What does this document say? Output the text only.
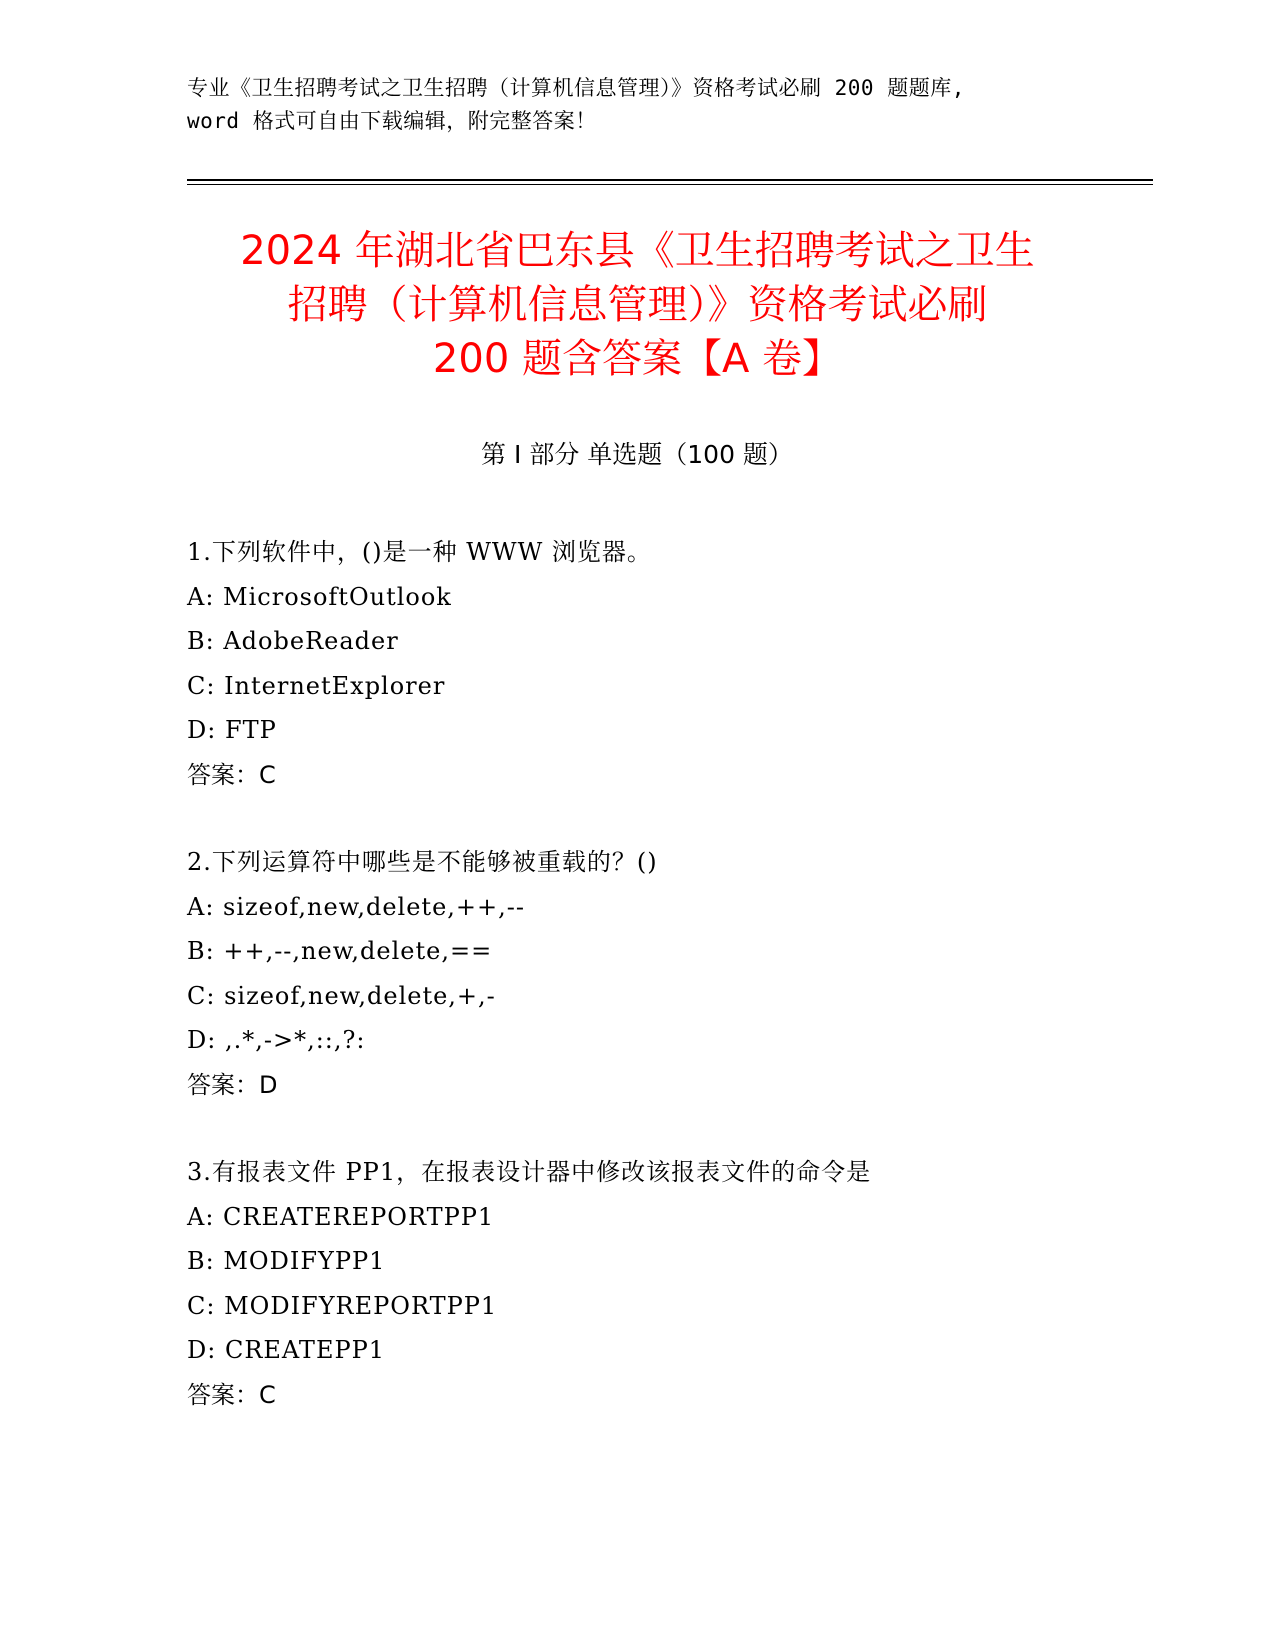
专业《卫生招聘考试之卫生招聘（计算机信息管理）》资格考试必刷 200 题题库,
word 格式可自由下载编辑，附完整答案！
2024 年湖北省巴东县《卫生招聘考试之卫生
招聘（计算机信息管理）》资格考试必刷
200 题含答案【A 卷】
第 I 部分 单选题（100 题）
1.下列软件中，()是一种 WWW 浏览器。
A: MicrosoftOutlook
B: AdobeReader
C: InternetExplorer
D: FTP
答案：C
2.下列运算符中哪些是不能够被重载的？()
A: sizeof,new,delete,++,--
B: ++,--,new,delete,==
C: sizeof,new,delete,+,-
D: ,.*,->*,::,?:
答案：D
3.有报表文件 PP1，在报表设计器中修改该报表文件的命令是
A: CREATEREPORTPP1
B: MODIFYPP1
C: MODIFYREPORTPP1
D: CREATEPP1
答案：C
